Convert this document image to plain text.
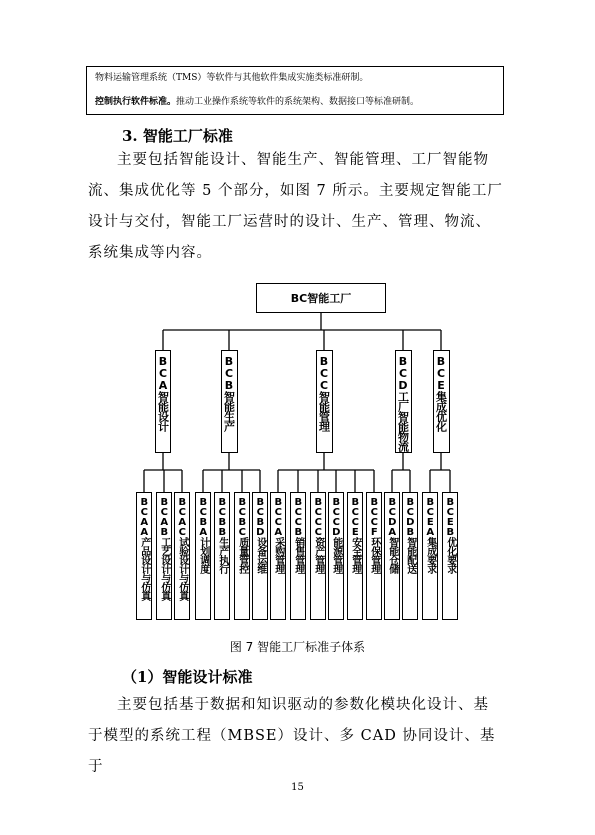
物料运输管理系统（TMS）等软件与其他软件集成实施类标准研制。
控制执行软件标准。推动工业操作系统等软件的系统架构、数据接口等标准研制。
3. 智能工厂标准
主要包括智能设计、智能生产、智能管理、工厂智能物
流、集成优化等 5 个部分，如图 7 所示。主要规定智能工厂
设计与交付，智能工厂运营时的设计、生产、管理、物流、
系统集成等内容。
BC智能工厂
BCA智能设计	BCB智能生产	BCC智能管理	BCD工厂智能物流 BCE集成优化
BCAA产品设计与仿真 BCAB工艺设计与仿真 BCAC试验设计与仿真 BCBA计划调度 BCBB生产执行 BCBC质量管控 BCBD设备运维 BCCA采购管理 BCCB销售管理 BCCC资产管理 BCCD能源管理 BCCE安全管理 BCCF环保管理 BCDA智能仓储 BCDB智能配送 BCEA集成要求 BCEB优化要求
图 7 智能工厂标准子体系
（1）智能设计标准
主要包括基于数据和知识驱动的参数化模块化设计、基
于模型的系统工程（MBSE）设计、多 CAD 协同设计、基于
15
